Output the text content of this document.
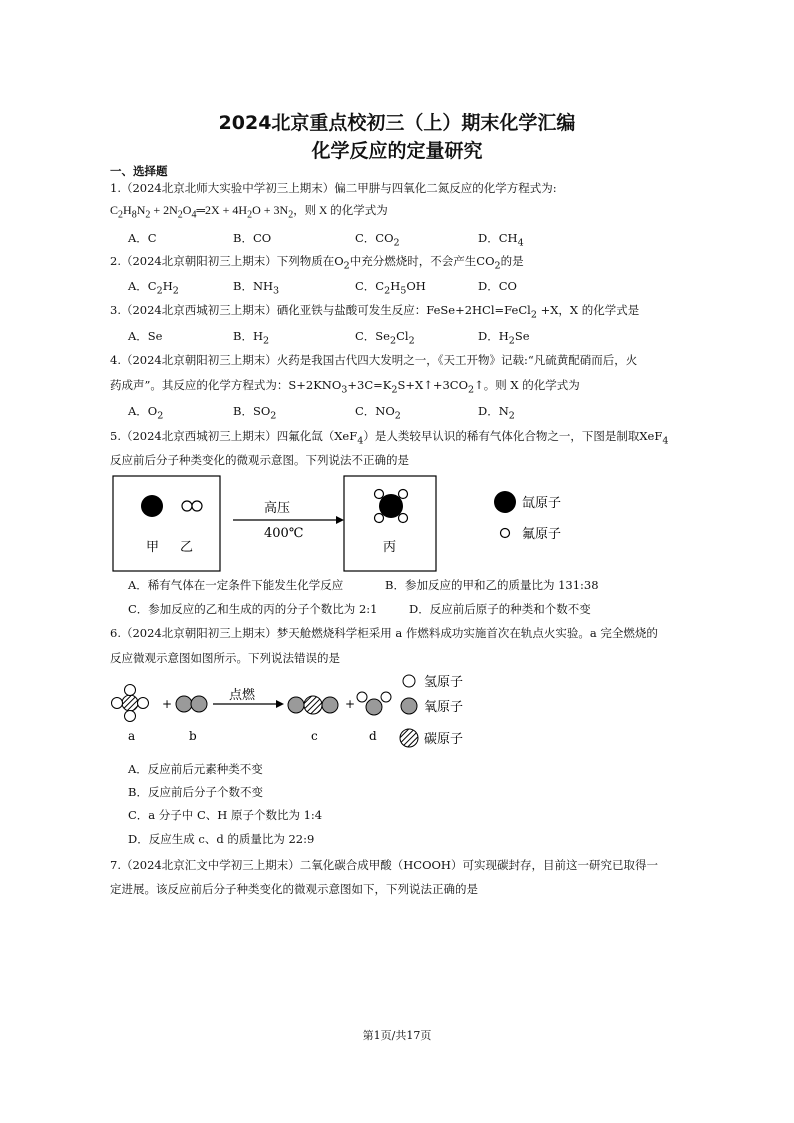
2024北京重点校初三（上）期末化学汇编
化学反应的定量研究
一、选择题
1.（2024北京北师大实验中学初三上期末）偏二甲肼与四氧化二氮反应的化学方程式为:
$C_2H_8N_2$ + $2N_2O_4═2X + 4H_2O + 3N_2$，则 X 的化学式为
A．C	B．CO	C．$CO_2$	D．$CH_4$
2.（2024北京朝阳初三上期末）下列物质在$O_2$中充分燃烧时，不会产生$CO_2$的是
A．$C_2H_2$	B．$NH_3$	C．$C_2H_5OH$	D．CO
3.（2024北京西城初三上期末）硒化亚铁与盐酸可发生反应：FeSe+2HCl=FeCl$_2$ +X，X 的化学式是
A．Se	B．$H_2$	C．$Se_2Cl_2$	D．$H_2Se$
4.（2024北京朝阳初三上期末）火药是我国古代四大发明之一，《天工开物》记载:“凡硫黄配硝而后，火
药成声”。其反应的化学方程式为：$S+2KNO_3+3C=K_2S+X↑+3CO_2↑$。则 X 的化学式为
A．$O_2$	B．$SO_2$	C．$NO_2$	D．$N_2$
5.（2024北京西城初三上期末）四氟化氙（XeF$_4$）是人类较早认识的稀有气体化合物之一，下图是制取XeF$_4$
反应前后分子种类变化的微观示意图。下列说法不正确的是
甲 乙
高压
400℃
丙
氙原子
氟原子
+
点燃
+
a	b	c	d
氢原子
氧原子
碳原子
A．稀有气体在一定条件下能发生化学反应	B．参加反应的甲和乙的质量比为 131:38
C．参加反应的乙和生成的丙的分子个数比为 2:1	D．反应前后原子的种类和个数不变
6.（2024北京朝阳初三上期末）梦天舱燃烧科学柜采用 a 作燃料成功实施首次在轨点火实验。a 完全燃烧的
反应微观示意图如图所示。下列说法错误的是
A．反应前后元素种类不变
B．反应前后分子个数不变
C．a 分子中 C、H 原子个数比为 1:4
D．反应生成 c、d 的质量比为 22:9
7.（2024北京汇文中学初三上期末）二氧化碳合成甲酸（HCOOH）可实现碳封存，目前这一研究已取得一
定进展。该反应前后分子种类变化的微观示意图如下，下列说法正确的是
第1页/共17页
